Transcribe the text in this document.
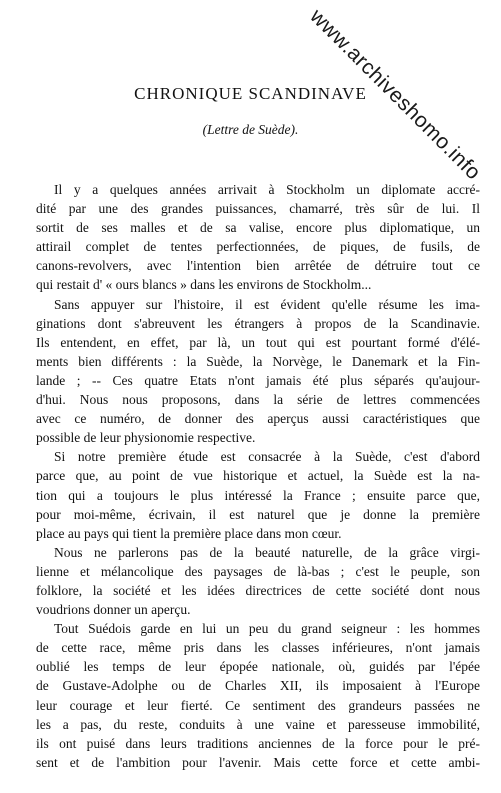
www.archiveshomo.info
CHRONIQUE SCANDINAVE

(Lettre de Suède).

Il y a quelques années arrivait à Stockholm un diplomate accré-
dité par une des grandes puissances, chamarré, très sûr de lui. Il
sortit de ses malles et de sa valise, encore plus diplomatique, un
attirail complet de tentes perfectionnées, de piques, de fusils, de
canons-revolvers, avec l'intention bien arrêtée de détruire tout ce
qui restait d' « ours blancs » dans les environs de Stockholm...
Sans appuyer sur l'histoire, il est évident qu'elle résume les ima-
ginations dont s'abreuvent les étrangers à propos de la Scandinavie.
Ils entendent, en effet, par là, un tout qui est pourtant formé d'élé-
ments bien différents : la Suède, la Norvège, le Danemark et la Fin-
lande ; -- Ces quatre Etats n'ont jamais été plus séparés qu'aujour-
d'hui. Nous nous proposons, dans la série de lettres commencées
avec ce numéro, de donner des aperçus aussi caractéristiques que
possible de leur physionomie respective.
Si notre première étude est consacrée à la Suède, c'est d'abord
parce que, au point de vue historique et actuel, la Suède est la na-
tion qui a toujours le plus intéressé la France ; ensuite parce que,
pour moi-même, écrivain, il est naturel que je donne la première
place au pays qui tient la première place dans mon cœur.
Nous ne parlerons pas de la beauté naturelle, de la grâce virgi-
lienne et mélancolique des paysages de là-bas ; c'est le peuple, son
folklore, la société et les idées directrices de cette société dont nous
voudrions donner un aperçu.
Tout Suédois garde en lui un peu du grand seigneur : les hommes
de cette race, même pris dans les classes inférieures, n'ont jamais
oublié les temps de leur épopée nationale, où, guidés par l'épée
de Gustave-Adolphe ou de Charles XII, ils imposaient à l'Europe
leur courage et leur fierté. Ce sentiment des grandeurs passées ne
les a pas, du reste, conduits à une vaine et paresseuse immobilité,
ils ont puisé dans leurs traditions anciennes de la force pour le pré-
sent et de l'ambition pour l'avenir. Mais cette force et cette ambi-
